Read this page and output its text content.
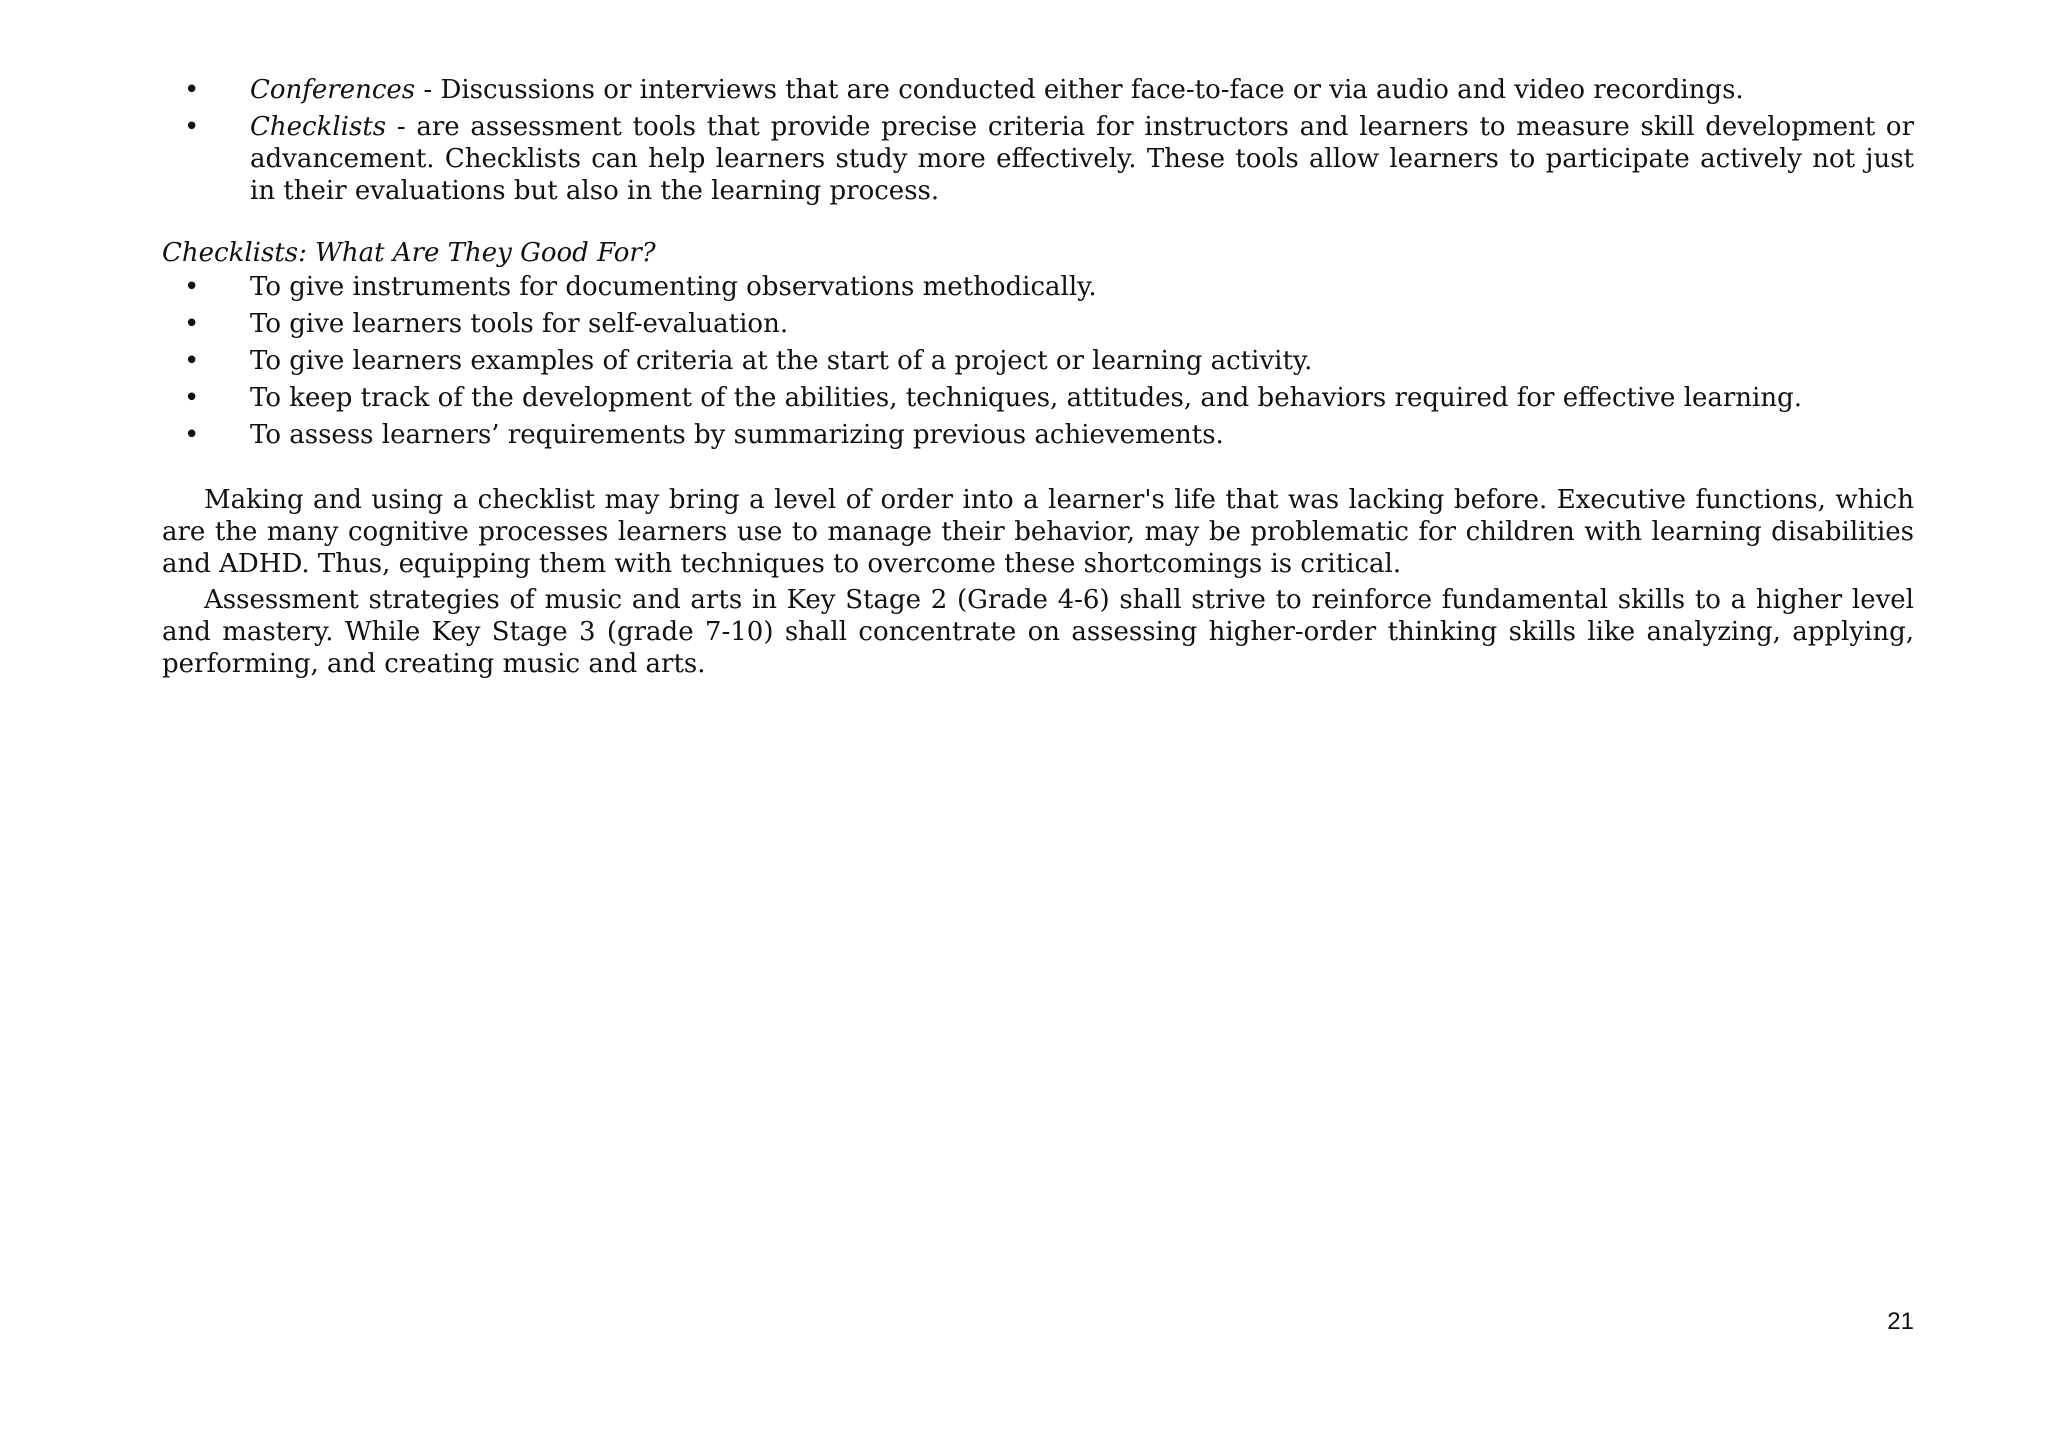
• Conferences - Discussions or interviews that are conducted either face-to-face or via audio and video recordings.
• Checklists - are assessment tools that provide precise criteria for instructors and learners to measure skill development or advancement. Checklists can help learners study more effectively. These tools allow learners to participate actively not just in their evaluations but also in the learning process.
Checklists: What Are They Good For?
• To give instruments for documenting observations methodically.
• To give learners tools for self-evaluation.
• To give learners examples of criteria at the start of a project or learning activity.
• To keep track of the development of the abilities, techniques, attitudes, and behaviors required for effective learning.
• To assess learners’ requirements by summarizing previous achievements.

Making and using a checklist may bring a level of order into a learner's life that was lacking before. Executive functions, which are the many cognitive processes learners use to manage their behavior, may be problematic for children with learning disabilities and ADHD. Thus, equipping them with techniques to overcome these shortcomings is critical.

Assessment strategies of music and arts in Key Stage 2 (Grade 4-6) shall strive to reinforce fundamental skills to a higher level and mastery. While Key Stage 3 (grade 7-10) shall concentrate on assessing higher-order thinking skills like analyzing, applying, performing, and creating music and arts.

21
